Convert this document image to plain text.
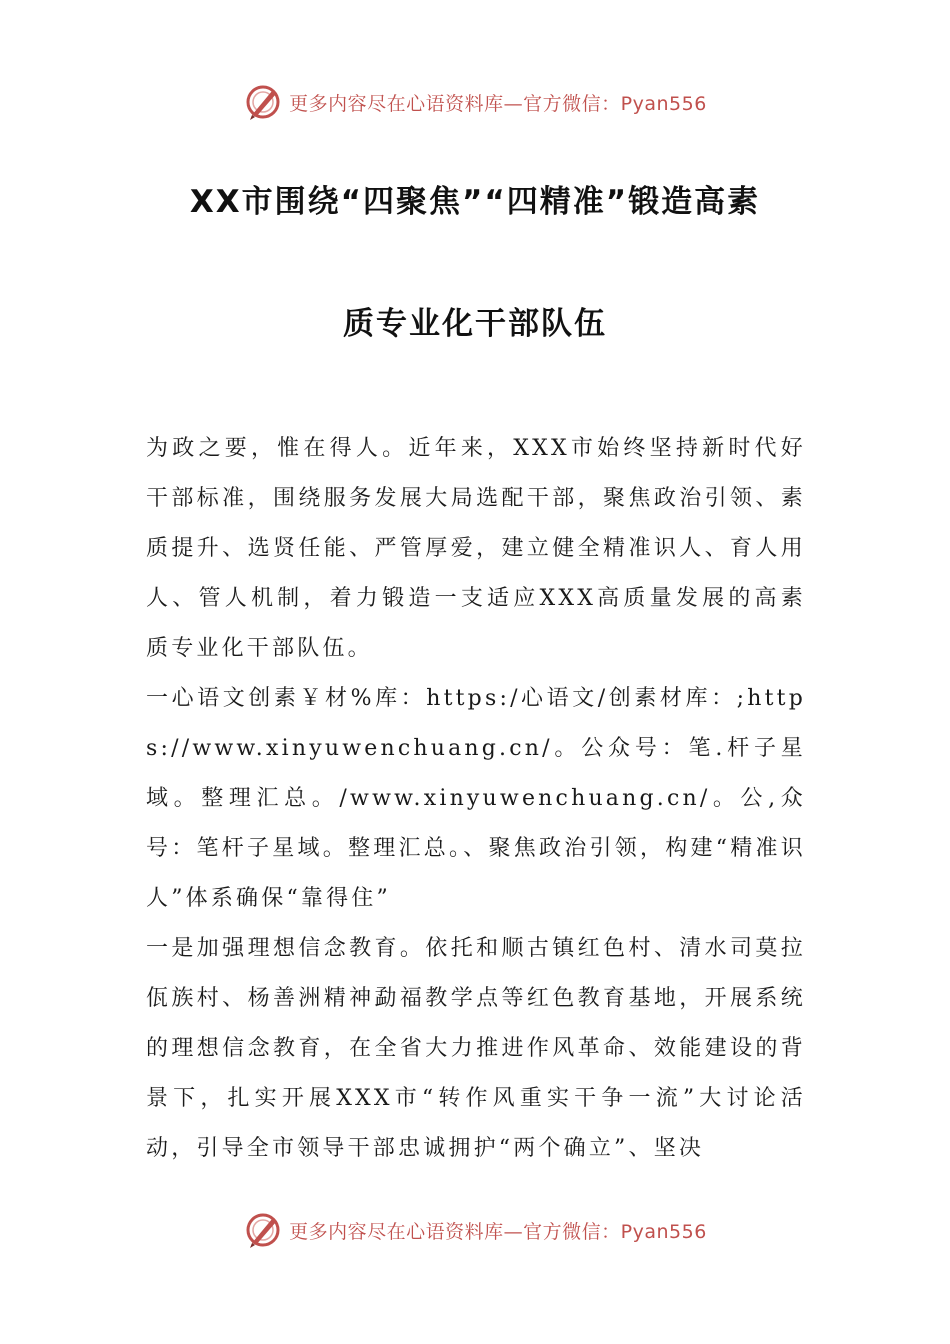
更多内容尽在心语资料库—官方微信：Pyan556
XX市围绕“四聚焦”“四精准”锻造高素
质专业化干部队伍

为政之要，惟在得人。近年来，XXX市始终坚持新时代好干部标准，围绕服务发展大局选配干部，聚焦政治引领、素质提升、选贤任能、严管厚爱，建立健全精准识人、育人用人、管人机制，着力锻造一支适应XXX高质量发展的高素质专业化干部队伍。

一心语文创素￥材%库：https:/心语文/创素材库：;https://www.xinyuwenchuang.cn/。公众号：笔.杆子星域。整理汇总。/www.xinyuwenchuang.cn/。公,众号：笔杆子星域。整理汇总。、聚焦政治引领，构建“精准识人”体系确保“靠得住”

一是加强理想信念教育。依托和顺古镇红色村、清水司莫拉佤族村、杨善洲精神勐福教学点等红色教育基地，开展系统的理想信念教育，在全省大力推进作风革命、效能建设的背景下，扎实开展XXX市“转作风重实干争一流”大讨论活动，引导全市领导干部忠诚拥护“两个确立”、坚决

更多内容尽在心语资料库—官方微信：Pyan556
